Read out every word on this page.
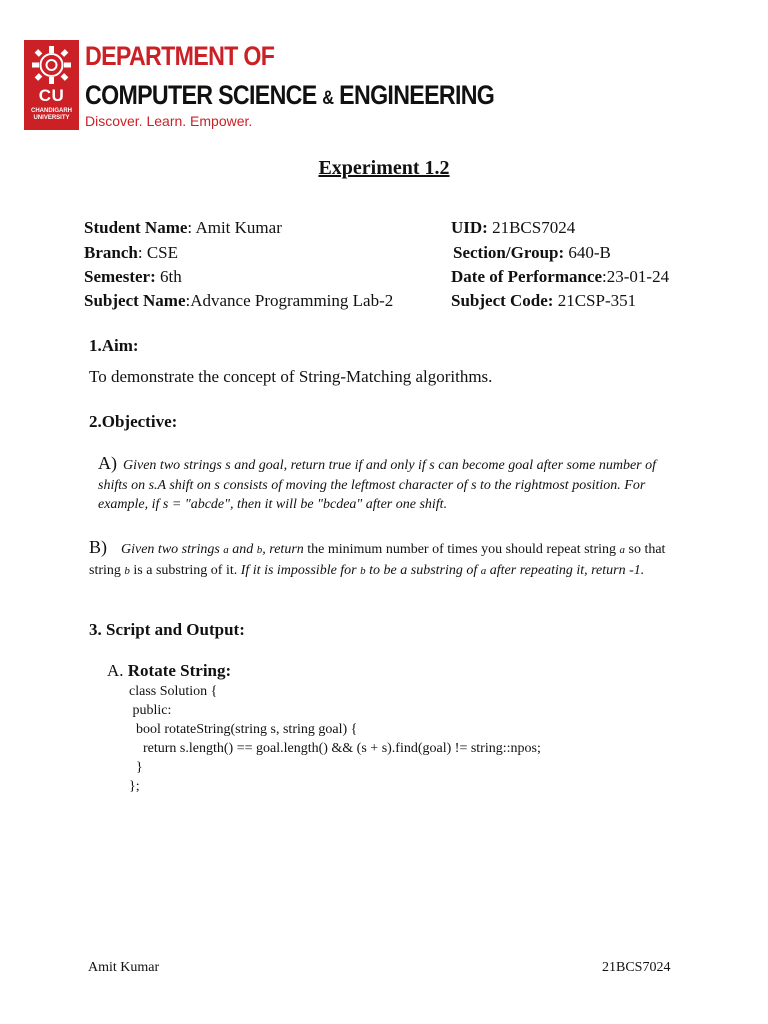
CU
CHANDIGARH UNIVERSITY
DEPARTMENT OF
COMPUTER SCIENCE & ENGINEERING
Discover. Learn. Empower.
Experiment 1.2
Student Name: Amit Kumar	UID: 21BCS7024
Branch: CSE	Section/Group: 640-B
Semester: 6th	Date of Performance:23-01-24
Subject Name:Advance Programming Lab-2	Subject Code: 21CSP-351
1.Aim:
To demonstrate the concept of String-Matching algorithms.
2.Objective:
A) Given two strings s and goal, return true if and only if s can become goal after some number of shifts on s.A shift on s consists of moving the leftmost character of s to the rightmost position. For example, if s = "abcde", then it will be "bcdea" after one shift.
B) Given two strings a and b, return the minimum number of times you should repeat string a so that string b is a substring of it. If it is impossible for b to be a substring of a after repeating it, return -1.
3. Script and Output:
A. Rotate String:
class Solution {
public:
bool rotateString(string s, string goal) {
return s.length() == goal.length() && (s + s).find(goal) != string::npos;
}
};
Amit Kumar	21BCS7024
